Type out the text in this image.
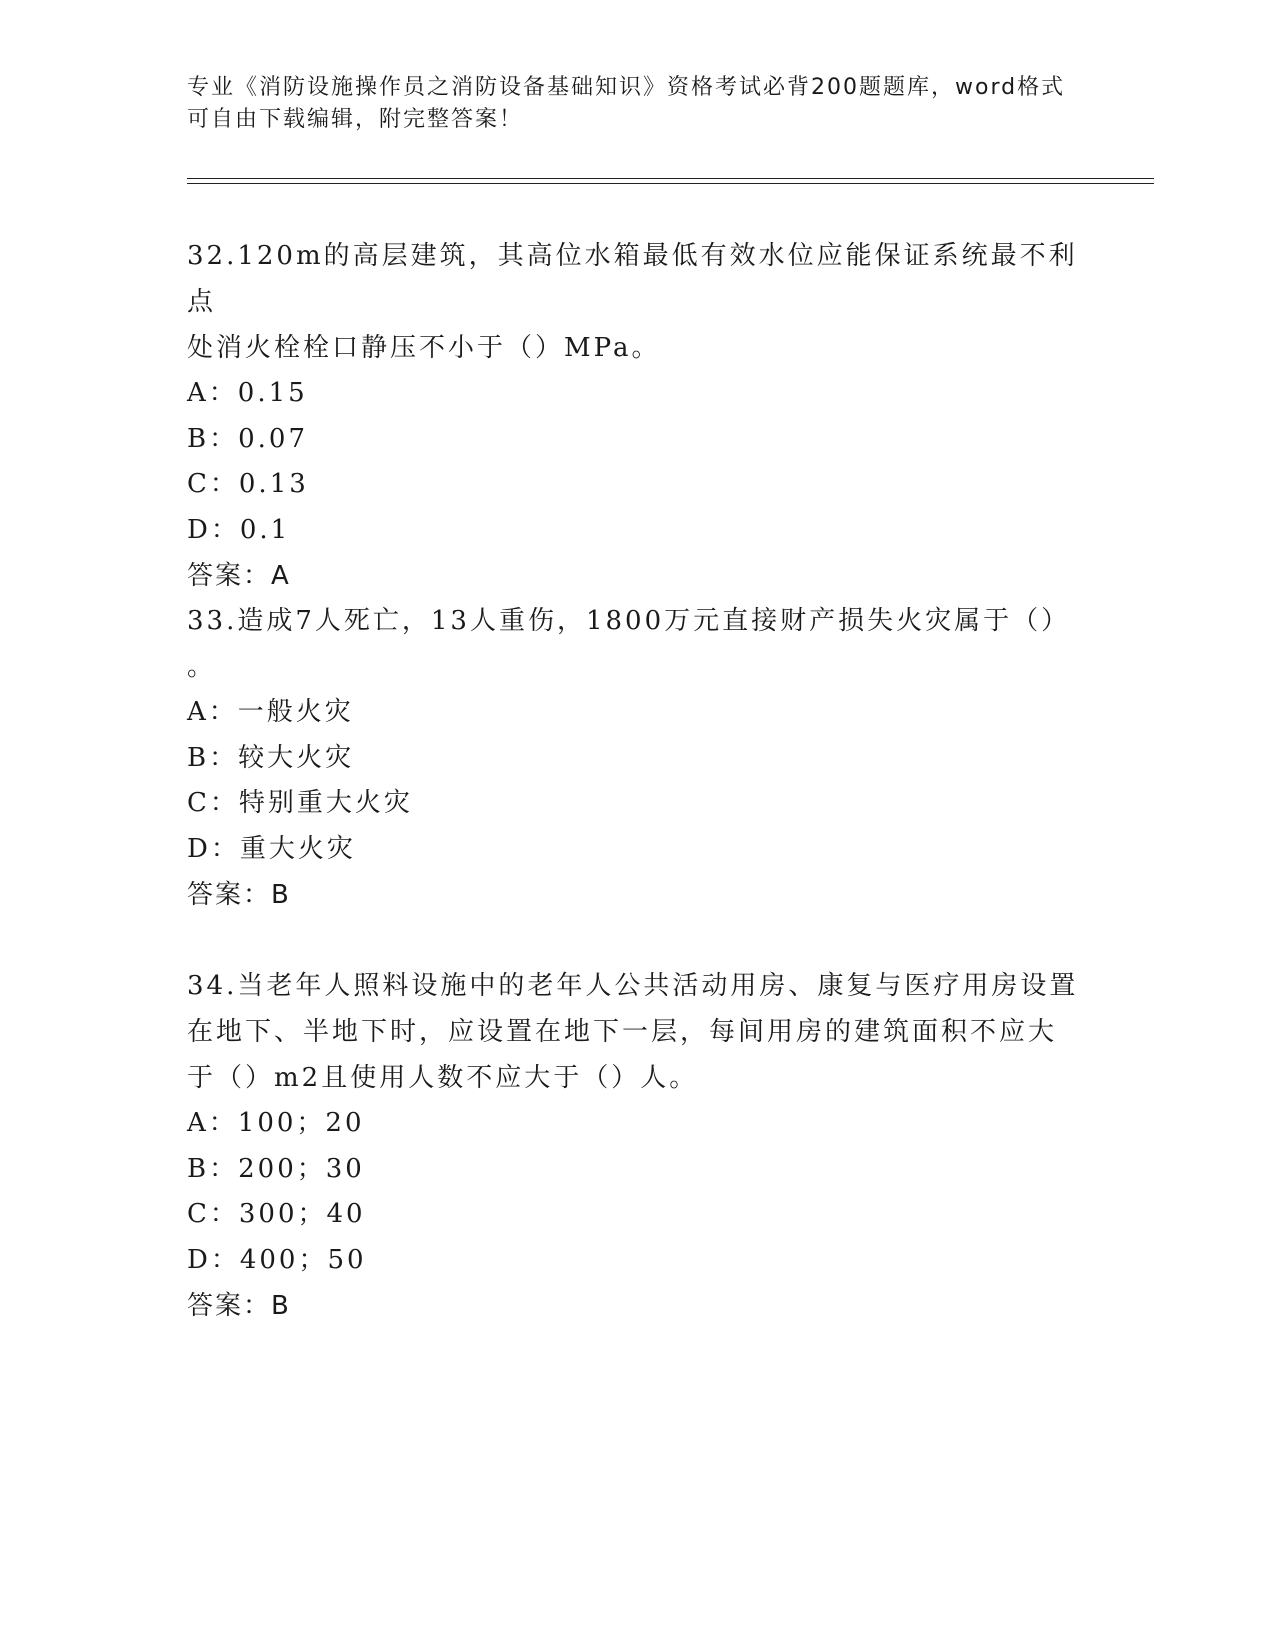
专业《消防设施操作员之消防设备基础知识》资格考试必背200题题库，word格式可自由下载编辑，附完整答案！
32.120m的高层建筑，其高位水箱最低有效水位应能保证系统最不利点
处消火栓栓口静压不小于（）MPa。
A：0.15
B：0.07
C：0.13
D：0.1
答案：A
33.造成7人死亡，13人重伤，1800万元直接财产损失火灾属于（）
。
A：一般火灾
B：较大火灾
C：特别重大火灾
D：重大火灾
答案：B
34.当老年人照料设施中的老年人公共活动用房、康复与医疗用房设置
在地下、半地下时，应设置在地下一层，每间用房的建筑面积不应大
于（）m2且使用人数不应大于（）人。
A：100；20
B：200；30
C：300；40
D：400；50
答案：B
